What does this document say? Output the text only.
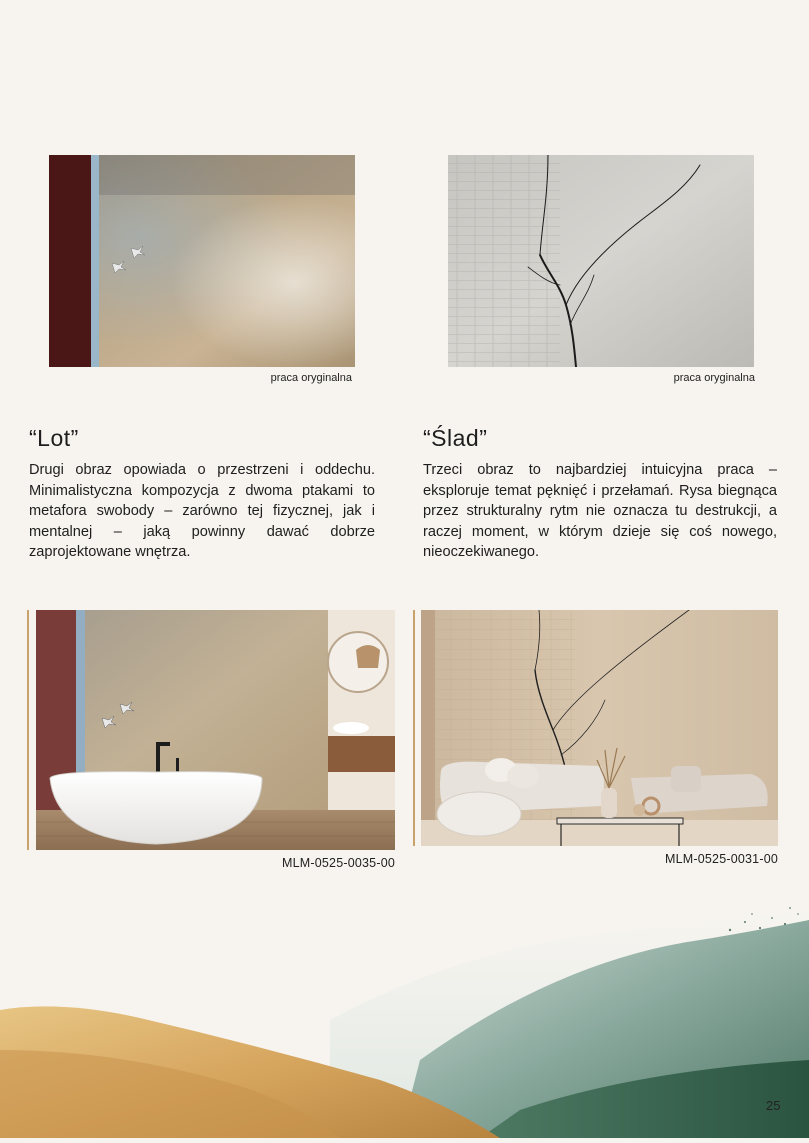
praca oryginalna	praca oryginalna
“Lot”

Drugi obraz opowiada o przestrzeni i oddechu. Minimalistyczna kompozycja z dwoma ptakami to metafora swobody – zarówno tej fizycznej, jak i mentalnej – jaką powinny dawać dobrze zaprojektowane wnętrza.

“Ślad”

Trzeci obraz to najbardziej intuicyjna praca – eksploruje temat pęknięć i przełamań. Rysa biegnąca przez strukturalny rytm nie oznacza tu destrukcji, a raczej moment, w którym dzieje się coś nowego, nieoczekiwanego.

MLM-0525-0035-00	MLM-0525-0031-00
25
